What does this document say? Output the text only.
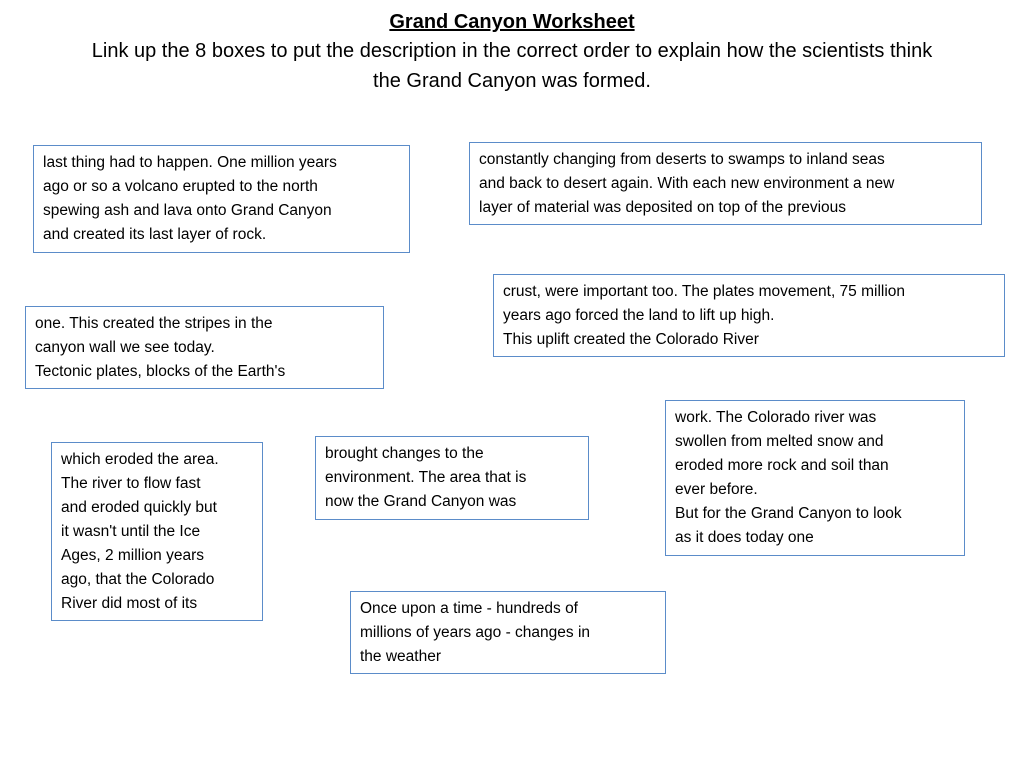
Grand Canyon Worksheet
Link up the 8 boxes to put the description in the correct order to explain how the scientists think the Grand Canyon was formed.
last thing had to happen. One million years
ago or so a volcano erupted to the north
spewing ash and lava onto Grand Canyon
and created its last layer of rock.
constantly changing from deserts to swamps to inland seas
and back to desert again. With each new environment a new
layer of material was deposited on top of the previous
crust, were important too. The plates movement, 75 million
years ago forced the land to lift up high.
This uplift created the Colorado River
one. This created the stripes in the
canyon wall we see today.
Tectonic plates, blocks of the Earth's
work. The Colorado river was
swollen from melted snow and
eroded more rock and soil than
ever before.
But for the Grand Canyon to look
as it does today one
which eroded the area.
The river to flow fast
and eroded quickly but
it wasn't until the Ice
Ages, 2 million years
ago, that the Colorado
River did most of its
brought changes to the
environment. The area that is
now the Grand Canyon was
Once upon a time - hundreds of
millions of years ago - changes in
the weather
